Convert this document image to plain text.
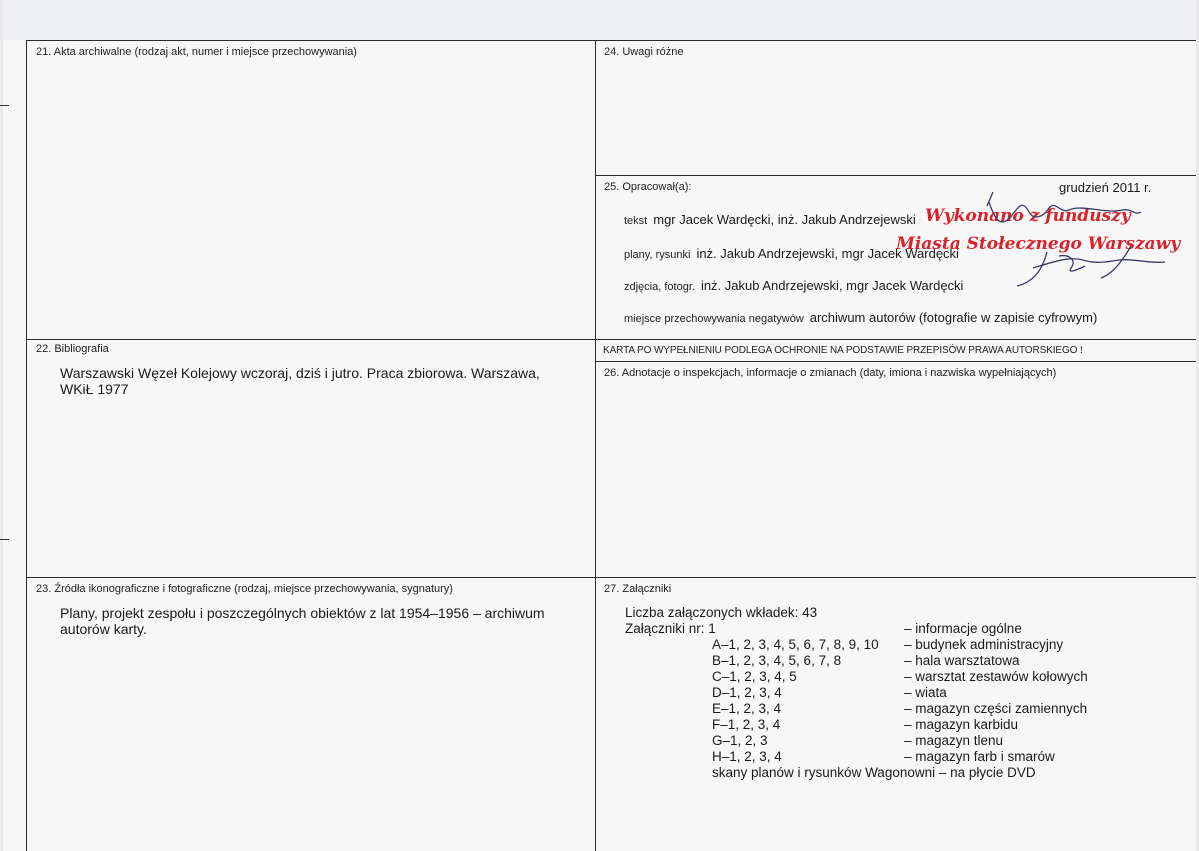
21. Akta archiwalne (rodzaj akt, numer i miejsce przechowywania)
22. Bibliografia
Warszawski Węzeł Kolejowy wczoraj, dziś i jutro. Praca zbiorowa. Warszawa, WKiŁ 1977
23. Źródła ikonograficzne i fotograficzne (rodzaj, miejsce przechowywania, sygnatury)
Plany, projekt zespołu i poszczególnych obiektów z lat 1954–1956 – archiwum autorów karty.
24. Uwagi różne
25. Opracował(a):	grudzień 2011 r.
tekst mgr Jacek Wardęcki, inż. Jakub Andrzejewski
plany, rysunki inż. Jakub Andrzejewski, mgr Jacek Wardęcki
zdjęcia, fotogr. inż. Jakub Andrzejewski, mgr Jacek Wardęcki
miejsce przechowywania negatywów archiwum autorów (fotografie w zapisie cyfrowym)
Wykonano z funduszy
Miasta Stołecznego Warszawy
KARTA PO WYPEŁNIENIU PODLEGA OCHRONIE NA PODSTAWIE PRZEPISÓW PRAWA AUTORSKIEGO !
26. Adnotacje o inspekcjach, informacje o zmianach (daty, imiona i nazwiska wypełniających)
27. Załączniki
Liczba załączonych wkładek: 43
Załączniki nr: 1	– informacje ogólne
A–1, 2, 3, 4, 5, 6, 7, 8, 9, 10 – budynek administracyjny
B–1, 2, 3, 4, 5, 6, 7, 8	– hala warsztatowa
C–1, 2, 3, 4, 5	– warsztat zestawów kołowych
D–1, 2, 3, 4	– wiata
E–1, 2, 3, 4	– magazyn części zamiennych
F–1, 2, 3, 4	– magazyn karbidu
G–1, 2, 3	– magazyn tlenu
H–1, 2, 3, 4	– magazyn farb i smarów
skany planów i rysunków Wagonowni – na płycie DVD
